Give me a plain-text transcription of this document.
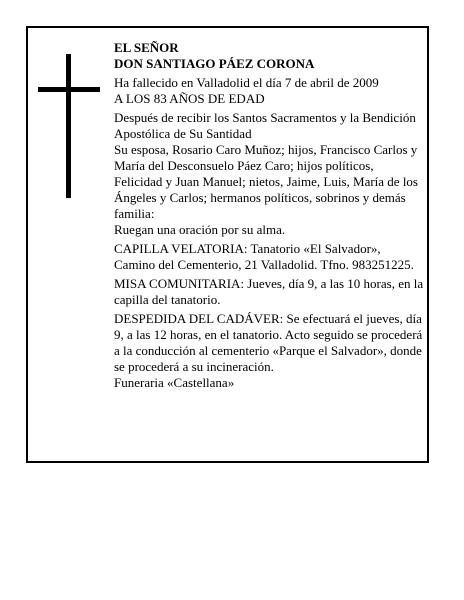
EL SEÑOR

DON SANTIAGO PÁEZ CORONA

Ha fallecido en Valladolid el día 7 de abril de 2009

A LOS 83 AÑOS DE EDAD

Después de recibir los Santos Sacramentos y la Bendición Apostólica de Su Santidad

Su esposa, Rosario Caro Muñoz; hijos, Francisco Carlos y María del Desconsuelo Páez Caro; hijos políticos, Felicidad y Juan Manuel; nietos, Jaime, Luis, María de los Ángeles y Carlos; hermanos políticos, sobrinos y demás familia:

Ruegan una oración por su alma.

CAPILLA VELATORIA: Tanatorio «El Salvador», Camino del Cementerio, 21 Valladolid. Tfno. 983251225.

MISA COMUNITARIA: Jueves, día 9, a las 10 horas, en la capilla del tanatorio.

DESPEDIDA DEL CADÁVER: Se efectuará el jueves, día 9, a las 12 horas, en el tanatorio. Acto seguido se procederá a la conducción al cementerio «Parque el Salvador», donde se procederá a su incineración.

Funeraria «Castellana»
